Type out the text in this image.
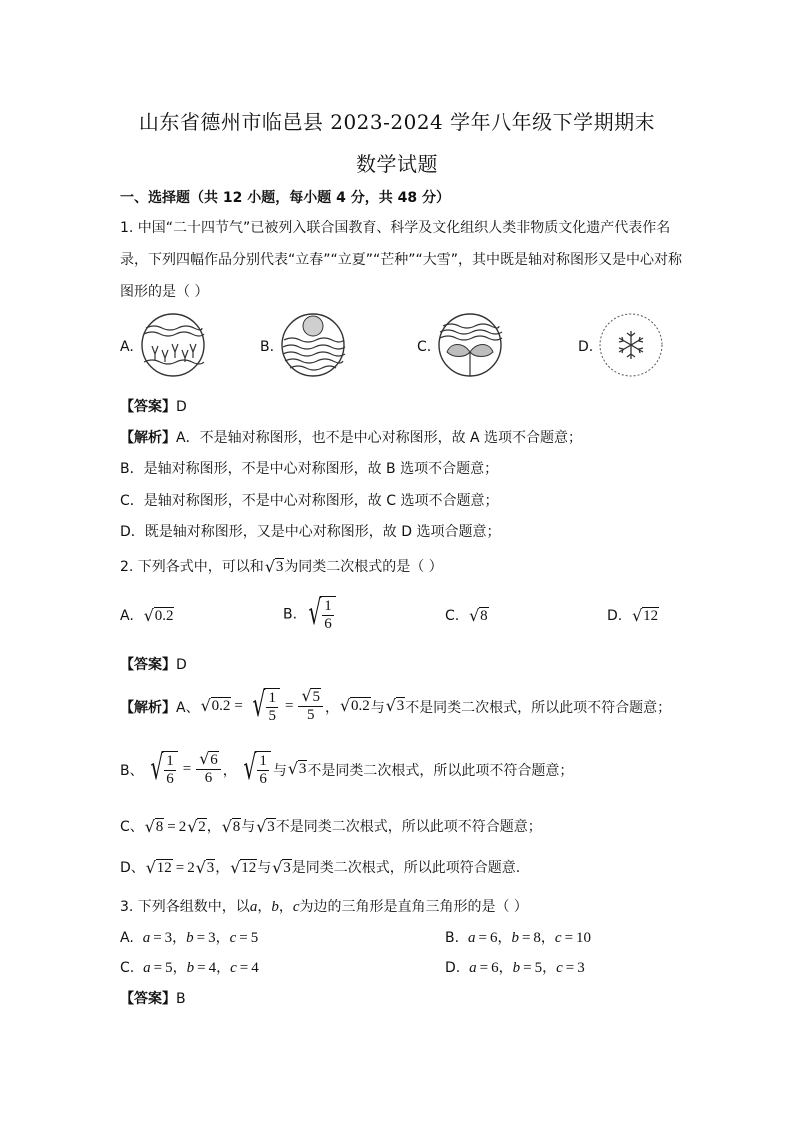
山东省德州市临邑县 2023-2024 学年八年级下学期期末
数学试题
一、选择题（共 12 小题，每小题 4 分，共 48 分）
1. 中国“二十四节气”已被列入联合国教育、科学及文化组织人类非物质文化遗产代表作名
录，下列四幅作品分别代表“立春”“立夏”“芒种”“大雪”，其中既是轴对称图形又是中心对称
图形的是（ ）
A.	B.	C.	D.
【答案】D
【解析】A．不是轴对称图形，也不是中心对称图形，故 A 选项不合题意；
B．是轴对称图形，不是中心对称图形，故 B 选项不合题意；
C．是轴对称图形，不是中心对称图形，故 C 选项不合题意；
D．既是轴对称图形，又是中心对称图形，故 D 选项合题意；
2. 下列各式中，可以和 √ 3为同类二次根式的是（ ）
A. √ 0.2	B. √ $\frac{1}{6}$	C. √ 8	D. √ 12
【答案】D
【解析】 A、 √ 0.2 = √ $\frac{1}{5}$ = √ $\frac{5}{5}$ ， √ 0.2 与 √ 3 不是同类二次根式，所以此项不符合题意；
B、 √ $\frac{1}{6}$ = √ $\frac{6}{6}$ ， √ $\frac{1}{6}$ 与 √ 3 不是同类二次根式，所以此项不符合题意；
C、 √ 8 = 2 √ 2， √ 8与 √ 3不是同类二次根式，所以此项不符合题意；
D、 √ 12 = 2 √ 3， √ 12与 √ 3是同类二次根式，所以此项符合题意.
3. 下列各组数中，以a，b，c为边的三角形是直角三角形的是（ ）
A. a = 3，b = 3，c = 5	B. a = 6，b = 8，c = 10
C. a = 5，b = 4，c = 4	D. a = 6，b = 5，c = 3
【答案】B
